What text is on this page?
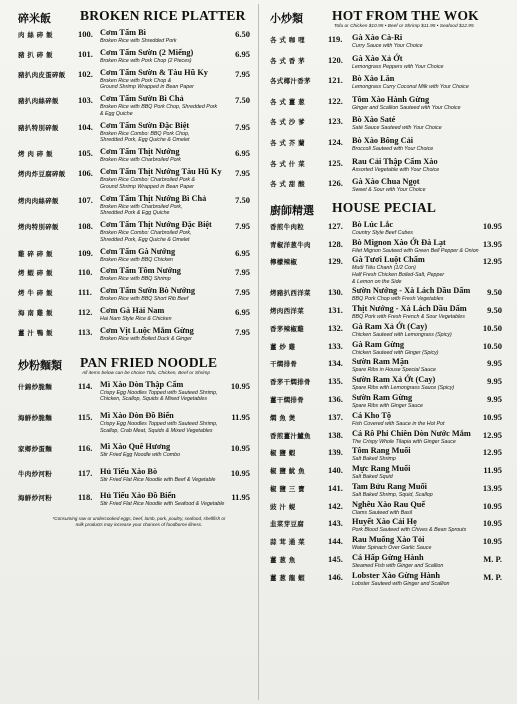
碎米飯 BROKEN RICE PLATTER
肉 絲 碎 飯	100. Cơm Tấm Bì
Broken Rice with Shredded Pork
6.50
豬 扒 碎 飯	101. Cơm Tấm Sườn (2 Miếng)
Broken Rice with Pork Chop (2 Pieces)
6.95
豬扒肉皮蛋碎飯	102. Cơm Tấm Sườn & Tàu Hũ Ky
Broken Rice with Pork Chop &
Ground Shrimp Wrapped in Bean Paper
7.95
豬扒肉絲碎飯	103. Cơm Tấm Sườn Bì Chả
Broken Rice with BBQ Pork Chop, Shredded Pork
& Egg Quiche
7.50
豬扒特別碎飯	104. Cơm Tấm Sườn Đặc Biệt
Broken Rice Combo: BBQ Pork Chop,
Shredded Pork, Egg Quiche & Omelet
7.95
烤 肉 碎 飯	105. Cơm Tấm Thịt Nướng
Broken Rice with Charbroiled Pork
6.95
烤肉炸豆腐碎飯	106. Cơm Tấm Thịt Nướng Tàu Hũ Ky
Broken Rice Combo: Charbroiled Pork &
Ground Shrimp Wrapped in Bean Paper
7.95
烤肉肉絲碎飯	107. Cơm Tấm Thịt Nướng Bì Chả
Broken Rice with Charbroiled Pork,
Shredded Pork & Egg Quiche
7.50
烤肉特別碎飯	108. Cơm Tấm Thịt Nướng Đặc Biệt
Broken Rice Combo: Charbroiled Pork,
Shredded Pork, Egg Quiche & Omelet
7.95
雞 碎 碎 飯	109. Cơm Tấm Gà Nướng
Broken Rice with BBQ Chicken
6.95
烤 蝦 碎 飯	110. Cơm Tấm Tôm Nướng
Broken Rice with BBQ Shrimp
7.95
烤 牛 碎 飯	111. Cơm Tấm Sườn Bò Nướng
Broken Rice with BBQ Short Rib Beef
7.95
海 南 雞 飯	112. Cơm Gà Hải Nam
Hai Nam Style Rice & Chicken
6.95
薑 汁 鴨 飯	113. Cơm Vịt Luộc Mắm Gừng
Broken Rice with Boiled Duck & Ginger
7.95
炒粉麵類 PAN FRIED NOODLE
All items below can be choice Tofu, Chicken, Beef or Shrimp
什錦炒脆麵	114. Mì Xào Dòn Thập Cẩm
Crispy Egg Noodles Topped with Sauteed Shrimp,
Chicken, Scallop, Squids & Mixed Vegetables
10.95
海鮮炒脆麵	115. Mì Xào Dòn Đồ Biển
Crispy Egg Noodles Topped with Sauteed Shrimp,
Scallop, Crab Meat, Squids & Mixed Vegetables
11.95
家鄉炒蛋麵	116. Mì Xào Quê Hương
Stir Fried Egg Noodle with Combo
10.95
牛肉炒河粉	117. Hủ Tiếu Xào Bò
Stir Fried Flat Rice Noodle with Beef & Vegetable
10.95
海鮮炒河粉	118. Hủ Tiếu Xào Đồ Biển
Stir Fried Flat Rice Noodle with Seafood & Vegetable
11.95
*Consuming raw or undercooked eggs, beef, lamb, pork, poultry, seafood, shellfish or milk products may increase your chances of foodborne illness.
小炒類 HOT FROM THE WOK
Tofu or Chicken $10.95 • Beef or Shrimp $11.95 • Seafood $12.95
各 式 咖 哩	119. Gà Xào Cà-Ri
Curry Sauce with Your Choice
各 式 香 茅	120. Gà Xào Xả Ớt
Lemongrass Peppers with Your Choice
各式椰汁香茅	121. Bò Xào Lăn
Lemongrass Curry Coconut Milk with Your Choice
各 式 薑 葱	122. Tôm Xào Hành Gừng
Ginger and Scallion Sauteed with Your Choice
各 式 沙 爹	123. Bò Xào Saté
Saté Sauce Sauteed with Your Choice
各 式 芥 蘭	124. Bò Xào Bông Cải
Broccoli Sauteed with Your Choice
各 式 什 菜	125. Rau Cải Thập Cẩm Xào
Assorted Vegetable with Your Choice
各 式 甜 酸	126. Gà Xào Chua Ngọt
Sweet & Sour with Your Choice
廚師精選 HOUSE PECIAL
香煎牛肉粒	127. Bò Lúc Lắc
Country Style Beef Cubes
10.95
青椒洋葱牛肉	128. Bò Mignon Xào Ớt Đà Lạt
Filet Mignon Sauteed with Green Bell Pepper & Onion
13.95
檸檬辣椒	129. Gà Tươi Luột Chấm
Muối Tiêu Chanh (1/2 Con)
Half Fresh Chicken Boiled-Salt, Pepper
& Lemon on the Side
12.95
烤豬扒西洋菜	130. Sườn Nướng - Xà Lách Dầu Dấm
BBQ Pork Chop with Fresh Vegetables
9.50
烤肉西洋菜	131. Thịt Nướng - Xà Lách Dầu Dấm
BBQ Pork with Fresh French & Sour Vegetables
9.50
香茅辣椒雞	132. Gà Ram Xả Ớt (Cay)
Chicken Sauteed with Lemongrass (Spicy)
10.50
薑 炒 雞	133. Gà Ram Gừng
Chicken Sauteed with Ginger (Spicy)
10.50
干燜排骨	134. Sườn Ram Mặn
Spare Ribs in House Special Sauce
9.95
香茅干燜排骨	135. Sườn Ram Xả Ớt (Cay)
Spare Ribs with Lemongrass Sauce (Spicy)
9.95
薑干燜排骨	136. Sườn Ram Gừng
Spare Ribs with Ginger Sauce
9.95
燜 魚 煲	137. Cá Kho Tộ
Fish Covered with Sauce in the Hot Pot
10.95
香煎薑汁鱸魚	138. Cá Rô Phi Chiên Dòn Nước Mắm
The Crispy Whole Tilapia with Ginger Sauce
12.95
椒 鹽 蝦	139. Tôm Rang Muối
Salt Baked Shrimp
12.95
椒 鹽 魷 魚	140. Mực Rang Muối
Salt Baked Squid
11.95
椒 鹽 三 寶	141. Tam Bửu Rang Muối
Salt Baked Shrimp, Squid, Scallop
13.95
豉 汁 蜆	142. Nghêu Xào Rau Quế
Clams Sauteed with Basil
10.95
韭菜芽豆腐	143. Huyết Xào Cải Hẹ
Pork Blood Sauteed with Chives & Bean Sprouts
10.95
蒜 茸 通 菜	144. Rau Muống Xào Tỏi
Water Spinach Over Garlic Sauce
10.95
薑 葱 魚	145. Cá Hấp Gừng Hành
Steamed Fish with Ginger and Scallion
M. P.
薑 葱 龍 蝦	146. Lobster Xào Gừng Hành
Lobster Sauteed with Ginger and Scallion
M. P.
